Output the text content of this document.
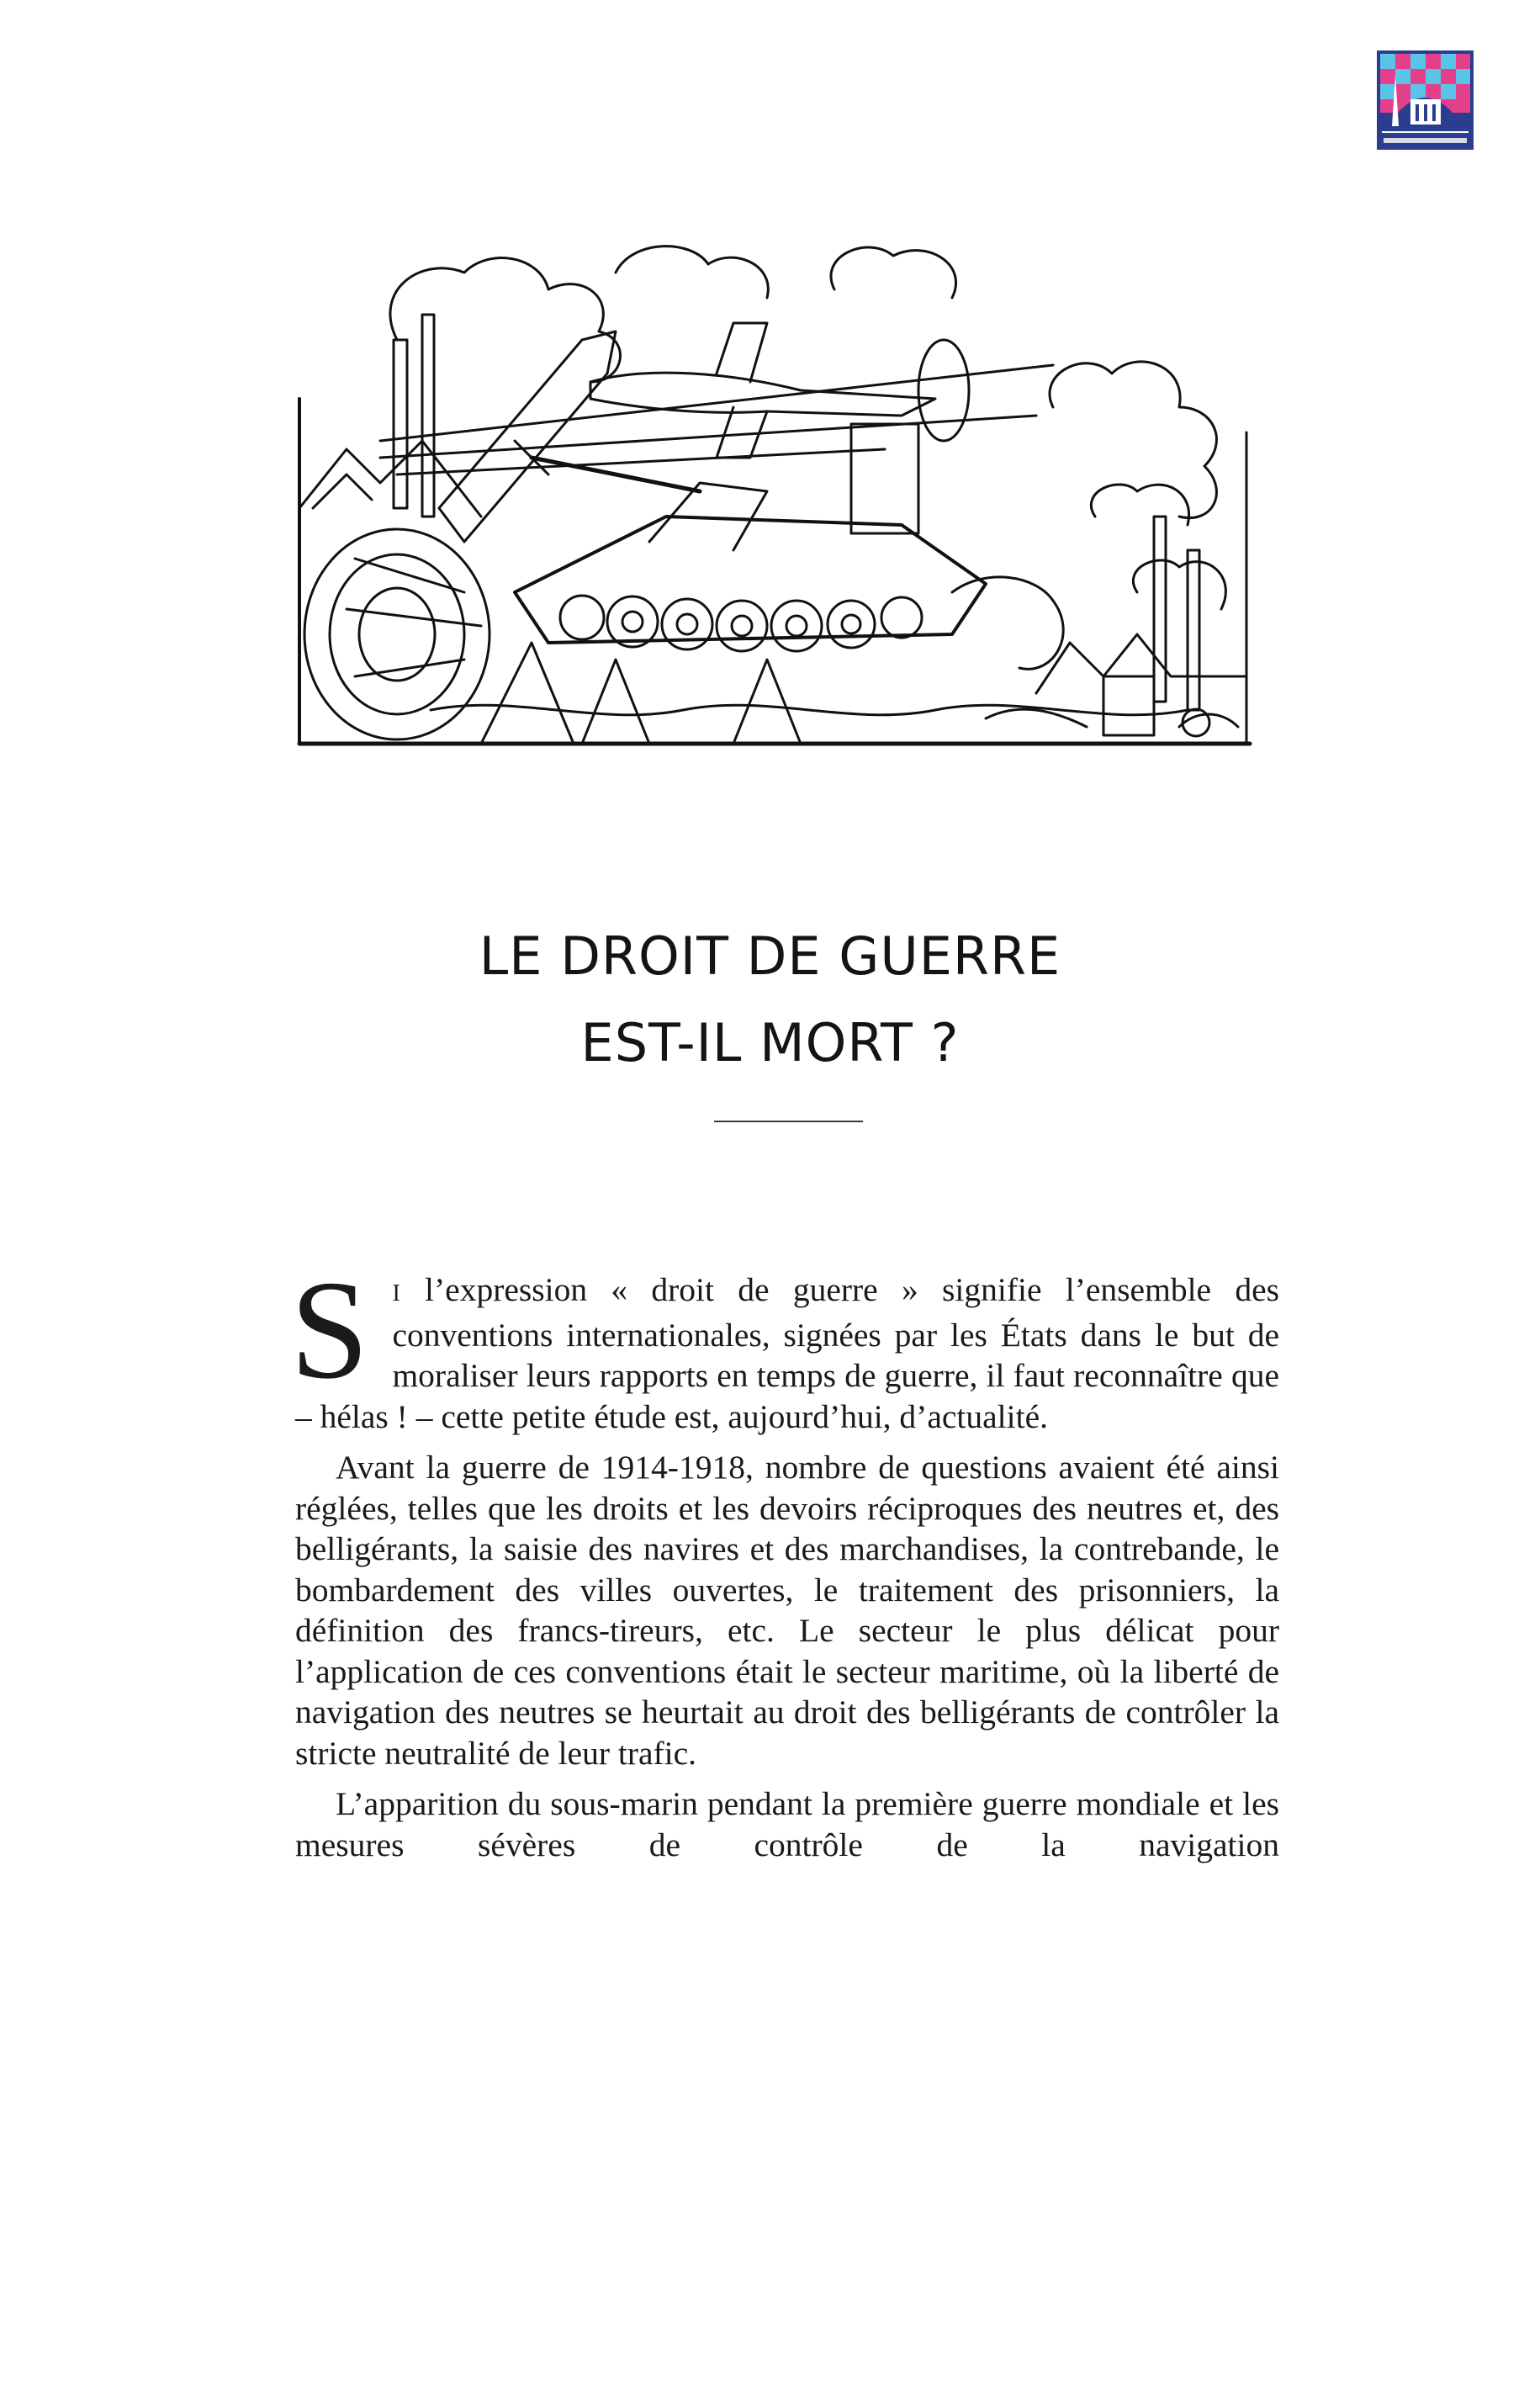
LE DROIT DE GUERRE
EST-IL MORT ?

S I l’expression « droit de guerre » signifie l’ensemble des conventions internationales, signées par les États dans le but de moraliser leurs rapports en temps de guerre, il faut reconnaître que – hélas ! – cette petite étude est, aujourd’hui, d’actualité.

Avant la guerre de 1914-1918, nombre de questions avaient été ainsi réglées, telles que les droits et les devoirs réciproques des neutres et, des belligérants, la saisie des navires et des marchandises, la contrebande, le bombardement des villes ouvertes, le traitement des prisonniers, la définition des francs-tireurs, etc. Le secteur le plus délicat pour l’application de ces conventions était le secteur maritime, où la liberté de navigation des neutres se heurtait au droit des belligérants de contrôler la stricte neutralité de leur trafic.

L’apparition du sous-marin pendant la première guerre mondiale et les mesures sévères de contrôle de la navigation
